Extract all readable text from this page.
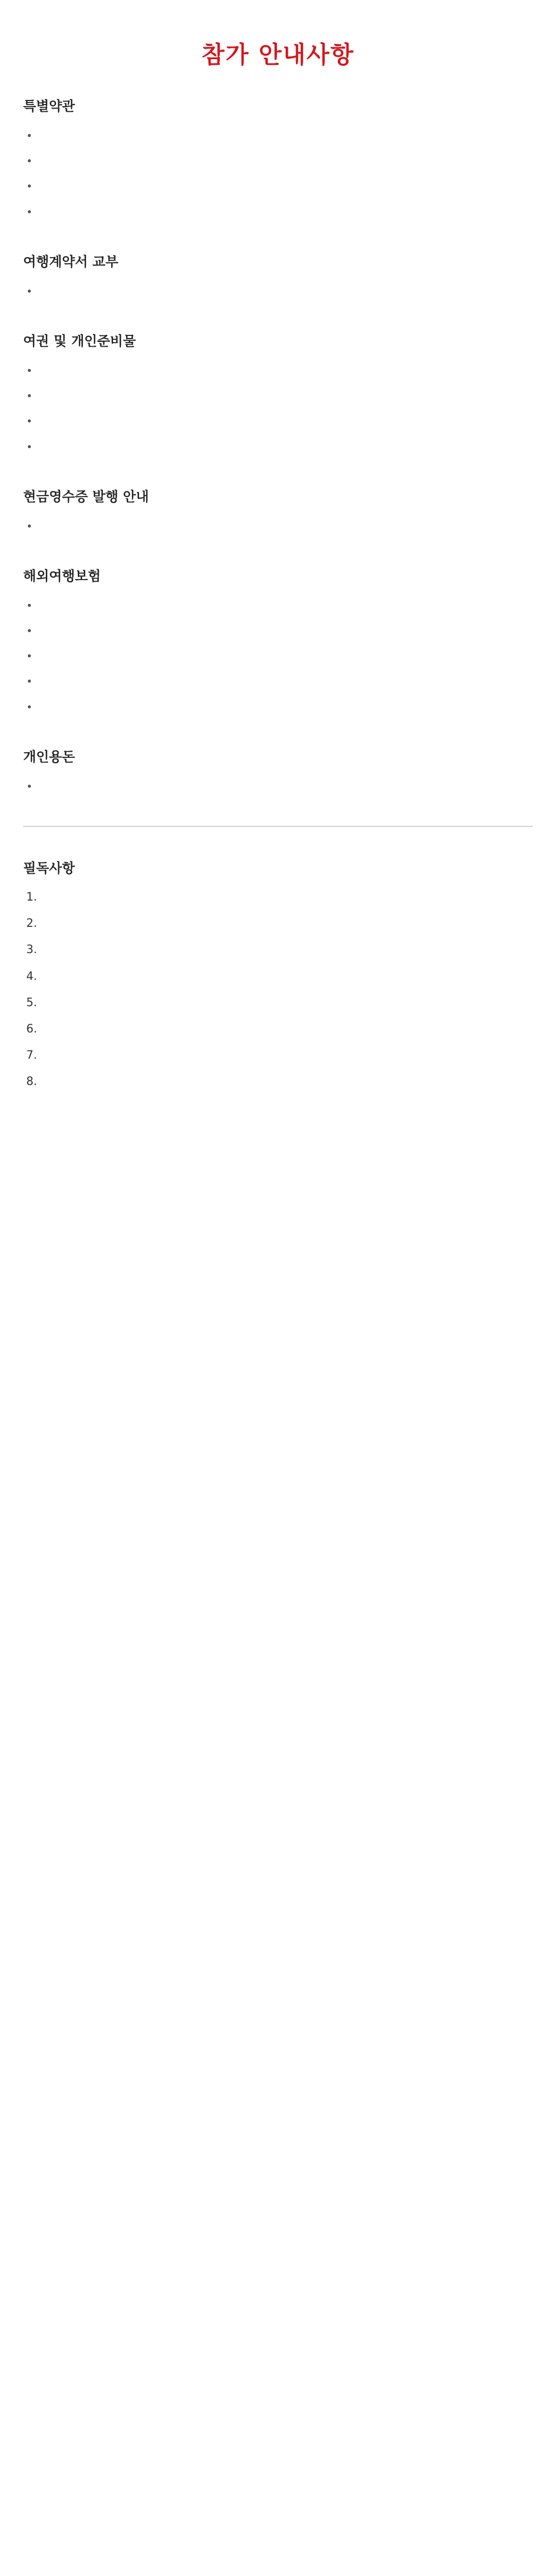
참가 안내사항
특별약관
•
•
•
•
여행계약서 교부
•
여권 및 개인준비물
•
•
•
•
현금영수증 발행 안내
•
해외여행보험
•
•
•
•
•
개인용돈
•
필독사항
1.
2.
3.
4.
5.
6.
7.
8.
